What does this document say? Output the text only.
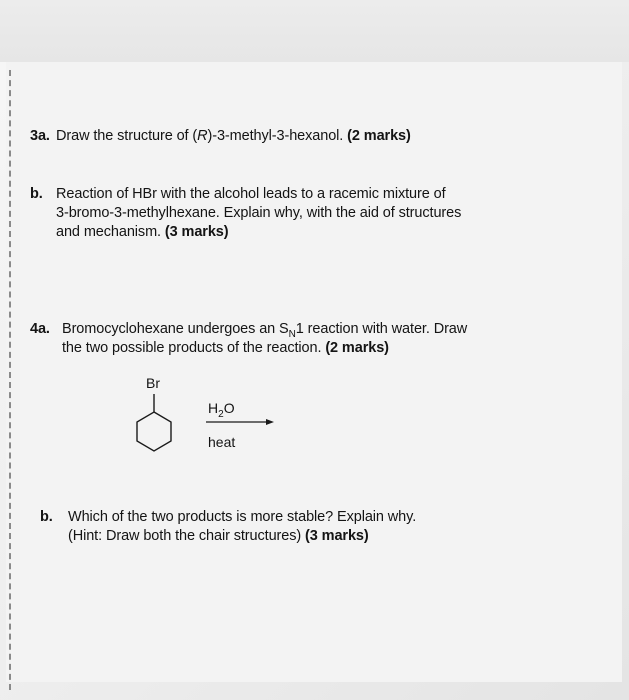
3a. Draw the structure of (R)-3-methyl-3-hexanol. (2 marks)
b. Reaction of HBr with the alcohol leads to a racemic mixture of
3-bromo-3-methylhexane. Explain why, with the aid of structures
and mechanism. (3 marks)
4a. Bromocyclohexane undergoes an $S_N1$ reaction with water. Draw
the two possible products of the reaction. (2 marks)
Br
$H_2O$
heat
b. Which of the two products is more stable? Explain why.
(Hint: Draw both the chair structures) (3 marks)
